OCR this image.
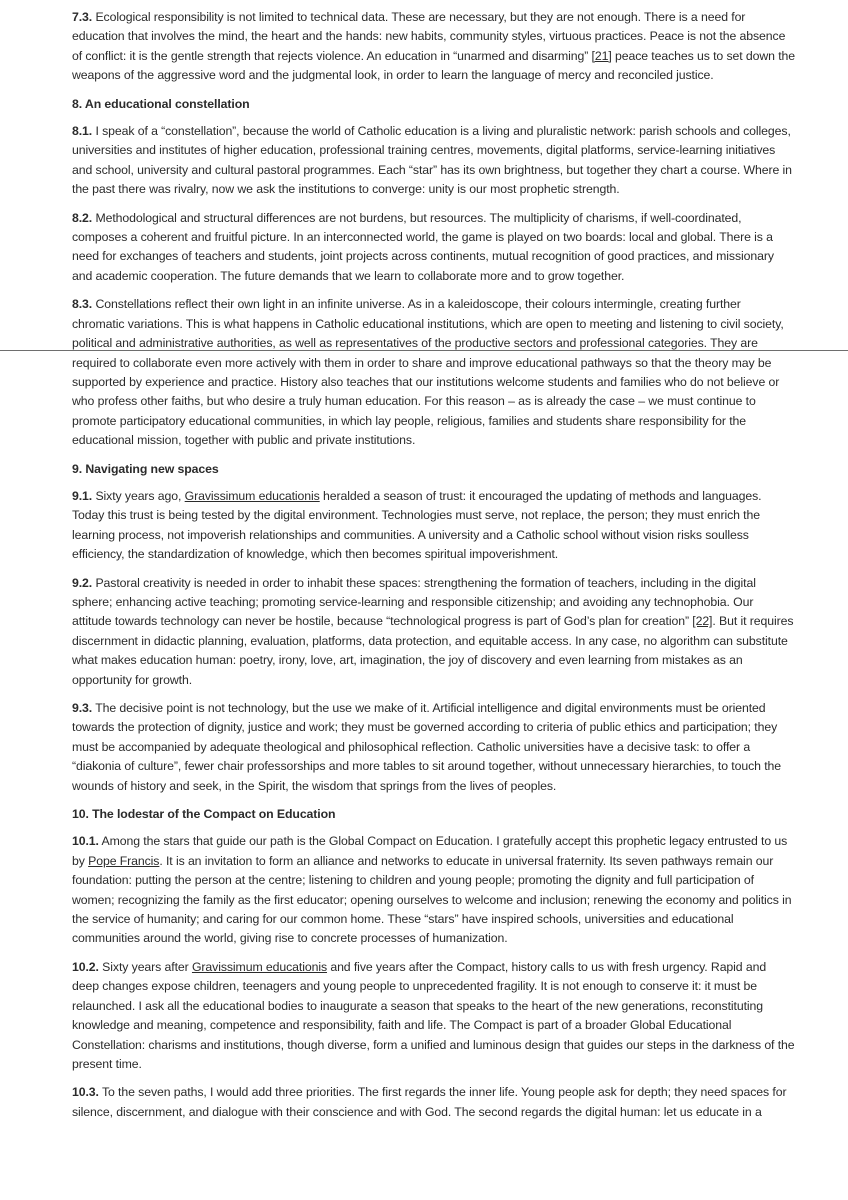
7.3. Ecological responsibility is not limited to technical data. These are necessary, but they are not enough. There is a need for education that involves the mind, the heart and the hands: new habits, community styles, virtuous practices. Peace is not the absence of conflict: it is the gentle strength that rejects violence. An education in “unarmed and disarming” [21] peace teaches us to set down the weapons of the aggressive word and the judgmental look, in order to learn the language of mercy and reconciled justice.

8. An educational constellation

8.1. I speak of a “constellation”, because the world of Catholic education is a living and pluralistic network: parish schools and colleges, universities and institutes of higher education, professional training centres, movements, digital platforms, service-learning initiatives and school, university and cultural pastoral programmes. Each “star” has its own brightness, but together they chart a course. Where in the past there was rivalry, now we ask the institutions to converge: unity is our most prophetic strength.

8.2. Methodological and structural differences are not burdens, but resources. The multiplicity of charisms, if well-coordinated, composes a coherent and fruitful picture. In an interconnected world, the game is played on two boards: local and global. There is a need for exchanges of teachers and students, joint projects across continents, mutual recognition of good practices, and missionary and academic cooperation. The future demands that we learn to collaborate more and to grow together.

8.3. Constellations reflect their own light in an infinite universe. As in a kaleidoscope, their colours intermingle, creating further chromatic variations. This is what happens in Catholic educational institutions, which are open to meeting and listening to civil society, political and administrative authorities, as well as representatives of the productive sectors and professional categories. They are required to collaborate even more actively with them in order to share and improve educational pathways so that the theory may be supported by experience and practice. History also teaches that our institutions welcome students and families who do not believe or who profess other faiths, but who desire a truly human education. For this reason – as is already the case – we must continue to promote participatory educational communities, in which lay people, religious, families and students share responsibility for the educational mission, together with public and private institutions.

9. Navigating new spaces

9.1. Sixty years ago, Gravissimum educationis heralded a season of trust: it encouraged the updating of methods and languages. Today this trust is being tested by the digital environment. Technologies must serve, not replace, the person; they must enrich the learning process, not impoverish relationships and communities. A university and a Catholic school without vision risks soulless efficiency, the standardization of knowledge, which then becomes spiritual impoverishment.

9.2. Pastoral creativity is needed in order to inhabit these spaces: strengthening the formation of teachers, including in the digital sphere; enhancing active teaching; promoting service-learning and responsible citizenship; and avoiding any technophobia. Our attitude towards technology can never be hostile, because “technological progress is part of God’s plan for creation” [22]. But it requires discernment in didactic planning, evaluation, platforms, data protection, and equitable access. In any case, no algorithm can substitute what makes education human: poetry, irony, love, art, imagination, the joy of discovery and even learning from mistakes as an opportunity for growth.

9.3. The decisive point is not technology, but the use we make of it. Artificial intelligence and digital environments must be oriented towards the protection of dignity, justice and work; they must be governed according to criteria of public ethics and participation; they must be accompanied by adequate theological and philosophical reflection. Catholic universities have a decisive task: to offer a “diakonia of culture”, fewer chair professorships and more tables to sit around together, without unnecessary hierarchies, to touch the wounds of history and seek, in the Spirit, the wisdom that springs from the lives of peoples.

10. The lodestar of the Compact on Education

10.1. Among the stars that guide our path is the Global Compact on Education. I gratefully accept this prophetic legacy entrusted to us by Pope Francis. It is an invitation to form an alliance and networks to educate in universal fraternity. Its seven pathways remain our foundation: putting the person at the centre; listening to children and young people; promoting the dignity and full participation of women; recognizing the family as the first educator; opening ourselves to welcome and inclusion; renewing the economy and politics in the service of humanity; and caring for our common home. These “stars” have inspired schools, universities and educational communities around the world, giving rise to concrete processes of humanization.

10.2. Sixty years after Gravissimum educationis and five years after the Compact, history calls to us with fresh urgency. Rapid and deep changes expose children, teenagers and young people to unprecedented fragility. It is not enough to conserve it: it must be relaunched. I ask all the educational bodies to inaugurate a season that speaks to the heart of the new generations, reconstituting knowledge and meaning, competence and responsibility, faith and life. The Compact is part of a broader Global Educational Constellation: charisms and institutions, though diverse, form a unified and luminous design that guides our steps in the darkness of the present time.

10.3. To the seven paths, I would add three priorities. The first regards the inner life. Young people ask for depth; they need spaces for silence, discernment, and dialogue with their conscience and with God. The second regards the digital human: let us educate in a
